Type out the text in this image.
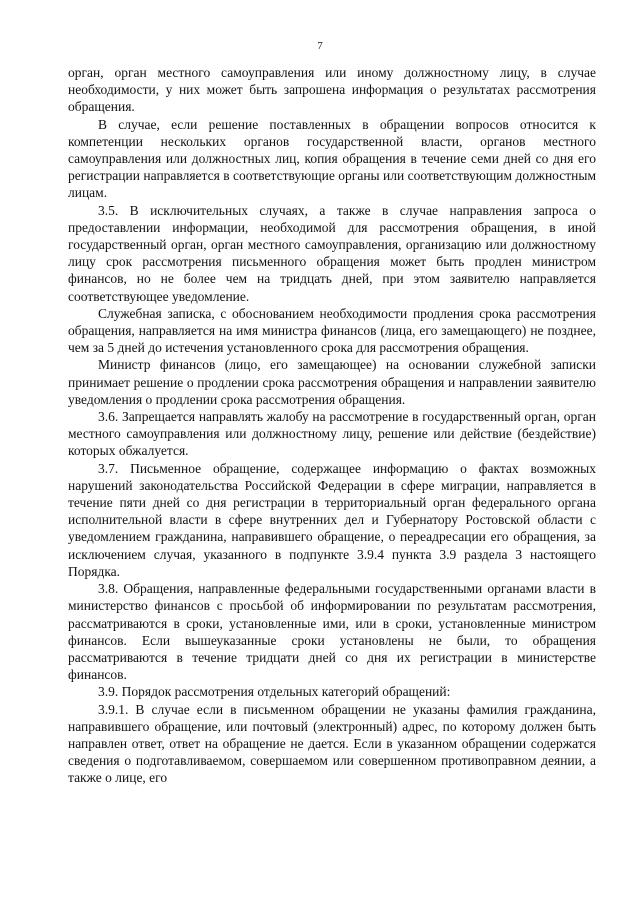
7

орган, орган местного самоуправления или иному должностному лицу, в случае необходимости, у них может быть запрошена информация о результатах рассмотрения обращения.

В случае, если решение поставленных в обращении вопросов относится к компетенции нескольких органов государственной власти, органов местного самоуправления или должностных лиц, копия обращения в течение семи дней со дня его регистрации направляется в соответствующие органы или соответствующим должностным лицам.

3.5. В исключительных случаях, а также в случае направления запроса о предоставлении информации, необходимой для рассмотрения обращения, в иной государственный орган, орган местного самоуправления, организацию или должностному лицу срок рассмотрения письменного обращения может быть продлен министром финансов, но не более чем на тридцать дней, при этом заявителю направляется соответствующее уведомление.

Служебная записка, с обоснованием необходимости продления срока рассмотрения обращения, направляется на имя министра финансов (лица, его замещающего) не позднее, чем за 5 дней до истечения установленного срока для рассмотрения обращения.

Министр финансов (лицо, его замещающее) на основании служебной записки принимает решение о продлении срока рассмотрения обращения и направлении заявителю уведомления о продлении срока рассмотрения обращения.

3.6. Запрещается направлять жалобу на рассмотрение в государственный орган, орган местного самоуправления или должностному лицу, решение или действие (бездействие) которых обжалуется.

3.7. Письменное обращение, содержащее информацию о фактах возможных нарушений законодательства Российской Федерации в сфере миграции, направляется в течение пяти дней со дня регистрации в территориальный орган федерального органа исполнительной власти в сфере внутренних дел и Губернатору Ростовской области с уведомлением гражданина, направившего обращение, о переадресации его обращения, за исключением случая, указанного в подпункте 3.9.4 пункта 3.9 раздела 3 настоящего Порядка.

3.8. Обращения, направленные федеральными государственными органами власти в министерство финансов с просьбой об информировании по результатам рассмотрения, рассматриваются в сроки, установленные ими, или в сроки, установленные министром финансов. Если вышеуказанные сроки установлены не были, то обращения рассматриваются в течение тридцати дней со дня их регистрации в министерстве финансов.

3.9. Порядок рассмотрения отдельных категорий обращений:

3.9.1. В случае если в письменном обращении не указаны фамилия гражданина, направившего обращение, или почтовый (электронный) адрес, по которому должен быть направлен ответ, ответ на обращение не дается. Если в указанном обращении содержатся сведения о подготавливаемом, совершаемом или совершенном противоправном деянии, а также о лице, его
